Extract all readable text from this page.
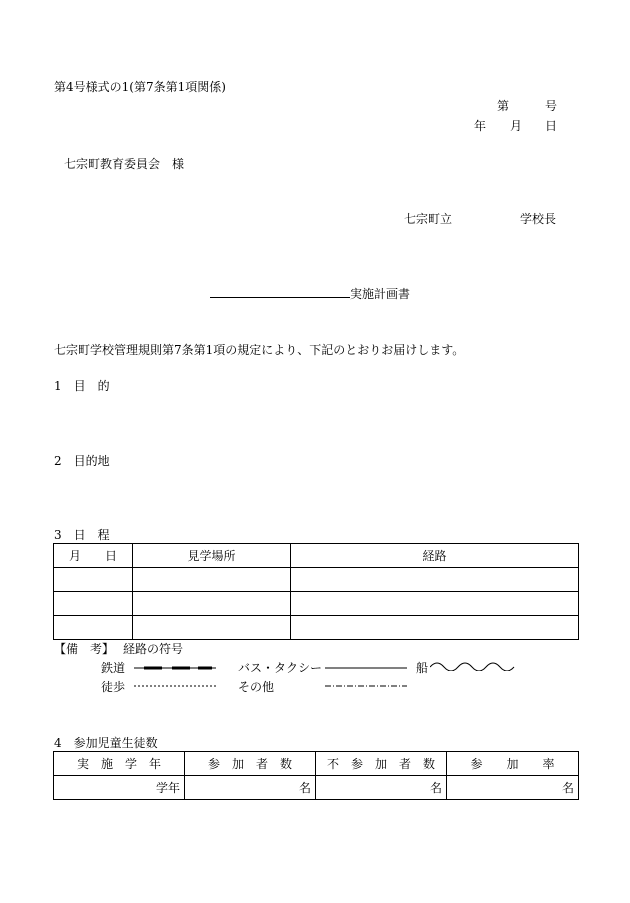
第4号様式の1(第7条第1項関係)
第	号
年 月 日
七宗町教育委員会　様
七宗町立	学校長
実施計画書
七宗町学校管理規則第7条第1項の規定により、下記のとおりお届けします。
1　目　的
2　目的地
3　日　程
月　　日	見学場所	経路

【備　考】 経路の符号
鉄道	バス・タクシー	船
徒歩	その他
4　参加児童生徒数
実　施　学　年	参　加　者　数	不　参　加　者　数	参　　加　　率
学年	名	名	名
